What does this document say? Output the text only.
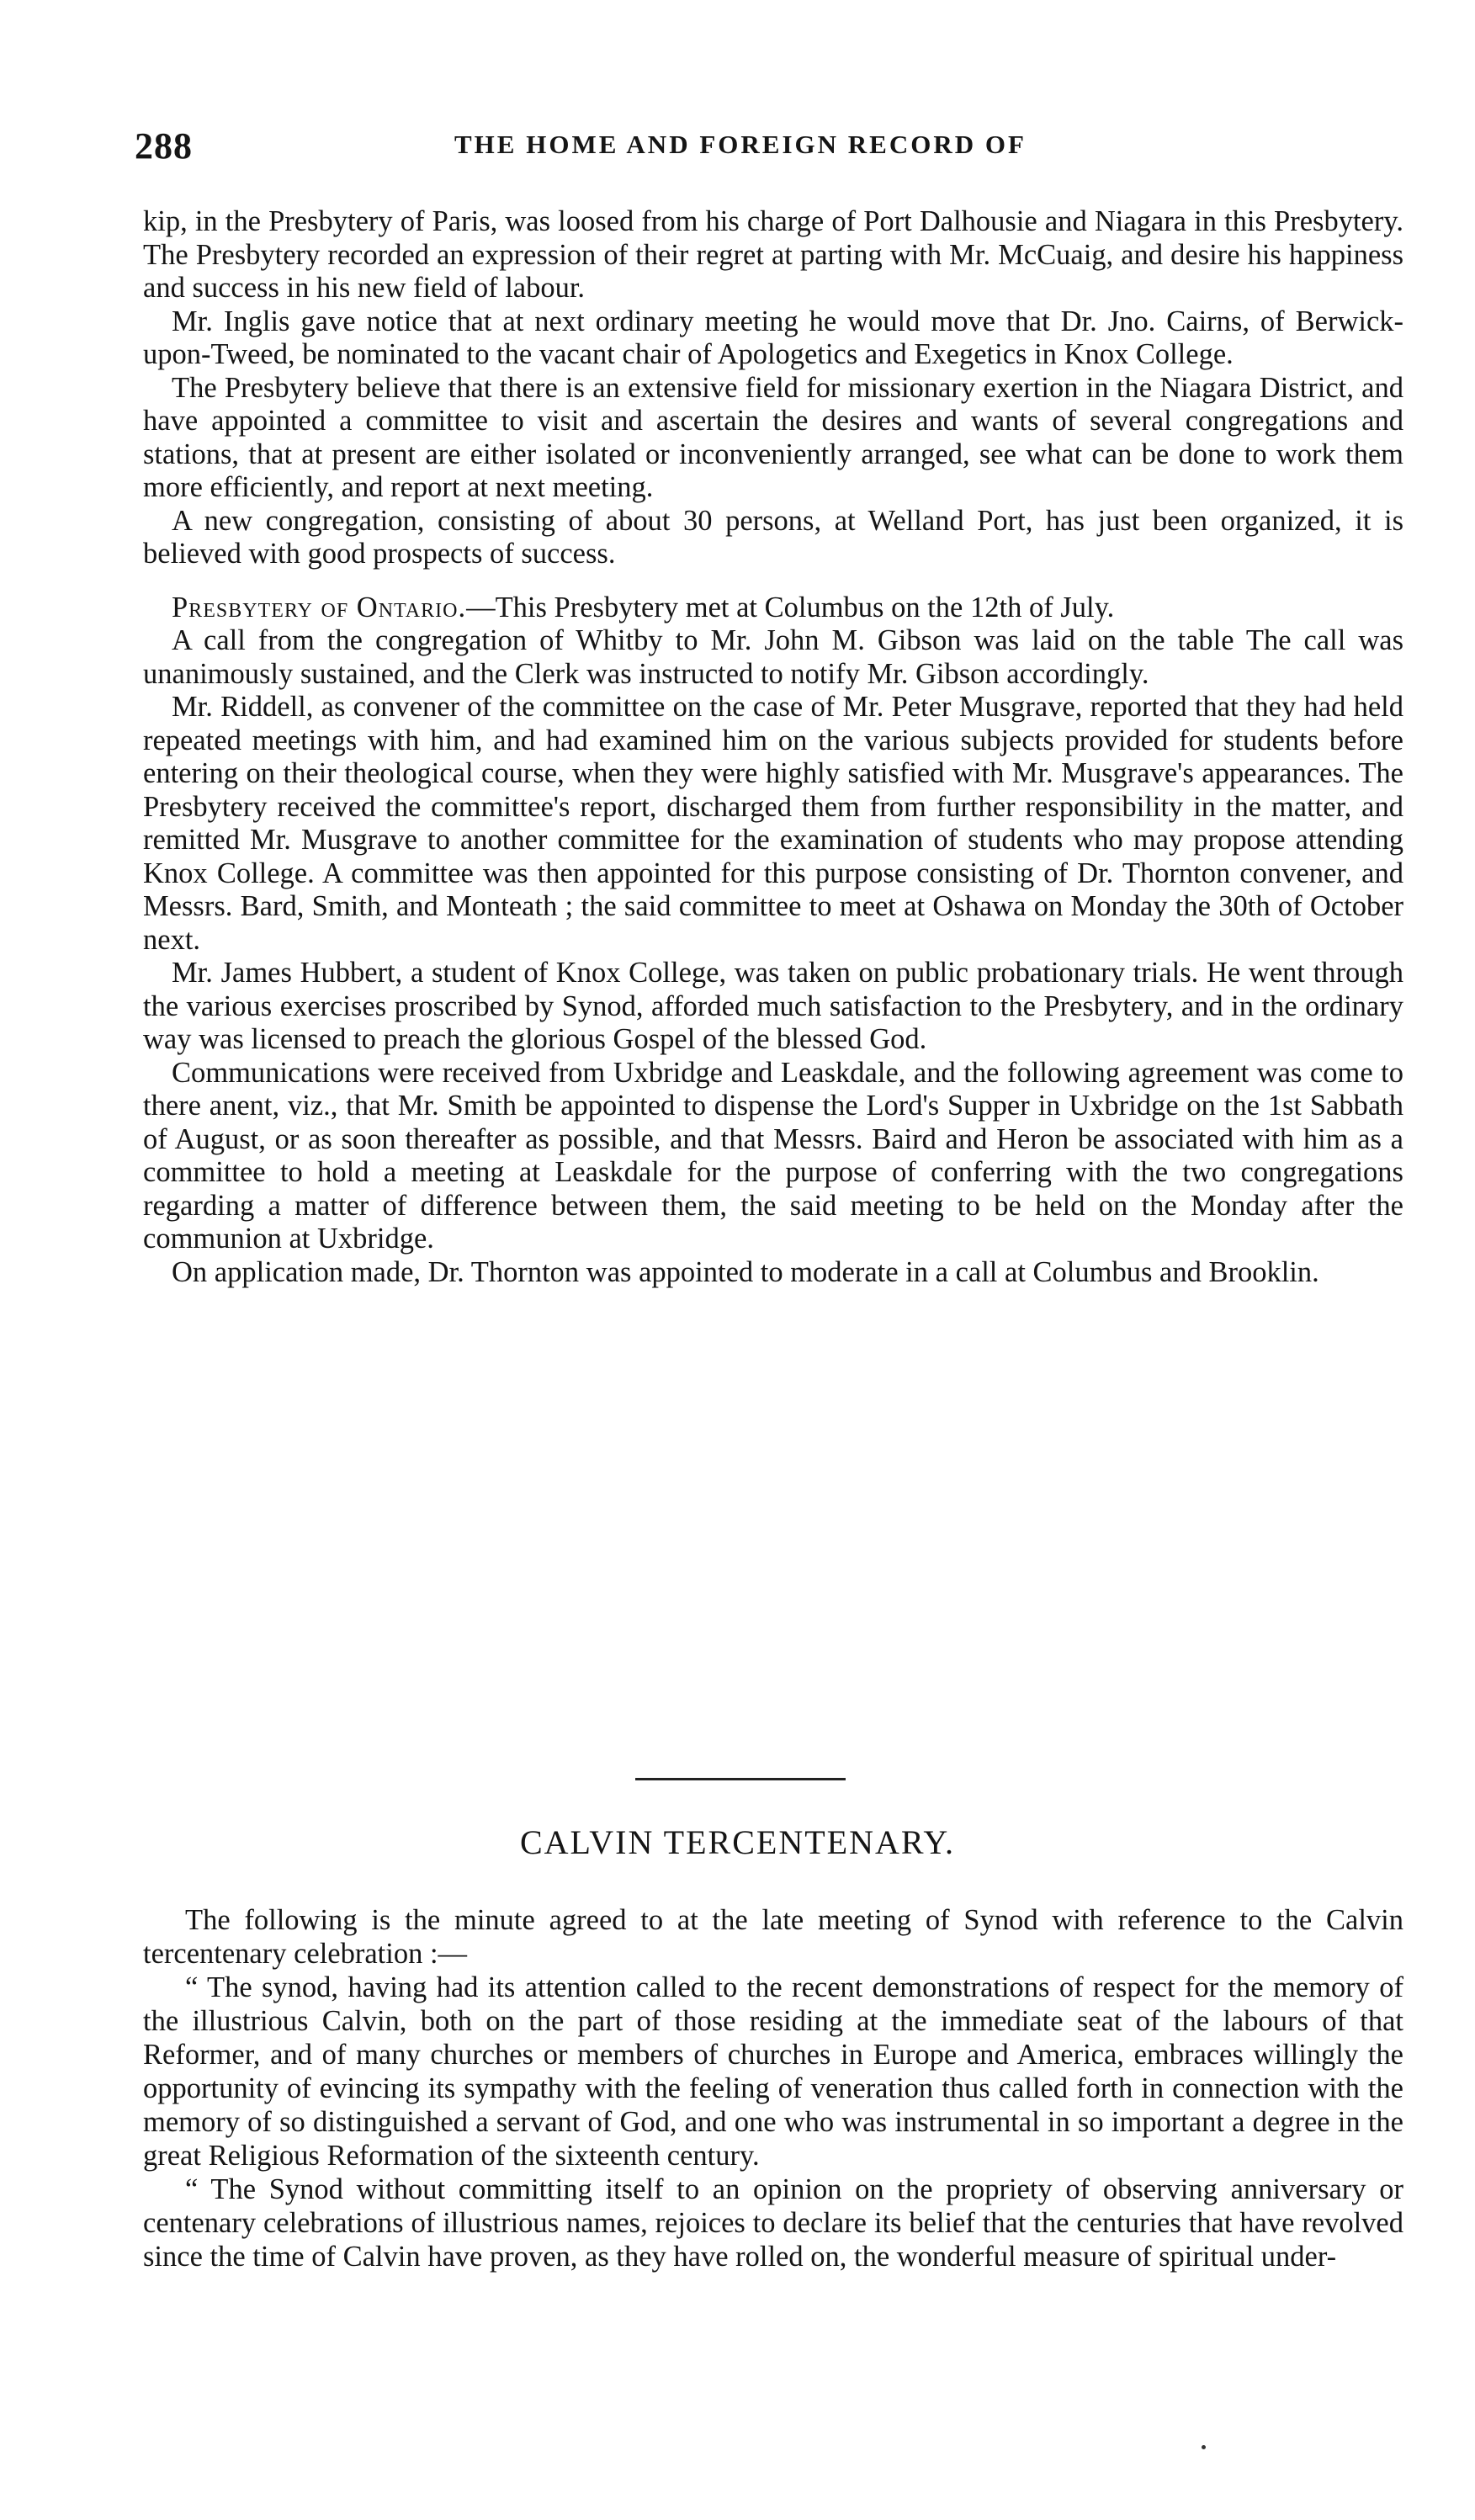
288	THE HOME AND FOREIGN RECORD OF

kip, in the Presbytery of Paris, was loosed from his charge of Port Dalhousie and Niagara in this Presbytery. The Presbytery recorded an expression of their regret at parting with Mr. McCuaig, and desire his happiness and success in his new field of labour.

Mr. Inglis gave notice that at next ordinary meeting he would move that Dr. Jno. Cairns, of Berwick-upon-Tweed, be nominated to the vacant chair of Apologetics and Exegetics in Knox College.

The Presbytery believe that there is an extensive field for missionary exertion in the Niagara District, and have appointed a committee to visit and ascertain the desires and wants of several congregations and stations, that at present are either isolated or inconveniently arranged, see what can be done to work them more efficiently, and report at next meeting.

A new congregation, consisting of about 30 persons, at Welland Port, has just been organized, it is believed with good prospects of success.

Presbytery of Ontario.—This Presbytery met at Columbus on the 12th of July.

A call from the congregation of Whitby to Mr. John M. Gibson was laid on the table The call was unanimously sustained, and the Clerk was instructed to notify Mr. Gibson accordingly.

Mr. Riddell, as convener of the committee on the case of Mr. Peter Musgrave, reported that they had held repeated meetings with him, and had examined him on the various subjects provided for students before entering on their theological course, when they were highly satisfied with Mr. Musgrave's appearances. The Presbytery received the committee's report, discharged them from further responsibility in the matter, and remitted Mr. Musgrave to another committee for the examination of students who may propose attending Knox College. A committee was then appointed for this purpose consisting of Dr. Thornton convener, and Messrs. Bard, Smith, and Monteath ; the said committee to meet at Oshawa on Monday the 30th of October next.

Mr. James Hubbert, a student of Knox College, was taken on public probationary trials. He went through the various exercises proscribed by Synod, afforded much satisfaction to the Presbytery, and in the ordinary way was licensed to preach the glorious Gospel of the blessed God.

Communications were received from Uxbridge and Leaskdale, and the following agreement was come to there anent, viz., that Mr. Smith be appointed to dispense the Lord's Supper in Uxbridge on the 1st Sabbath of August, or as soon thereafter as possible, and that Messrs. Baird and Heron be associated with him as a committee to hold a meeting at Leaskdale for the purpose of conferring with the two congregations regarding a matter of difference between them, the said meeting to be held on the Monday after the communion at Uxbridge.

On application made, Dr. Thornton was appointed to moderate in a call at Columbus and Brooklin.

CALVIN TERCENTENARY.

The following is the minute agreed to at the late meeting of Synod with reference to the Calvin tercentenary celebration :—

“ The synod, having had its attention called to the recent demonstrations of respect for the memory of the illustrious Calvin, both on the part of those residing at the immediate seat of the labours of that Reformer, and of many churches or members of churches in Europe and America, embraces willingly the opportunity of evincing its sympathy with the feeling of veneration thus called forth in connection with the memory of so distinguished a servant of God, and one who was instrumental in so important a degree in the great Religious Reformation of the sixteenth century.

“ The Synod without committing itself to an opinion on the propriety of observing anniversary or centenary celebrations of illustrious names, rejoices to declare its belief that the centuries that have revolved since the time of Calvin have proven, as they have rolled on, the wonderful measure of spiritual under-
